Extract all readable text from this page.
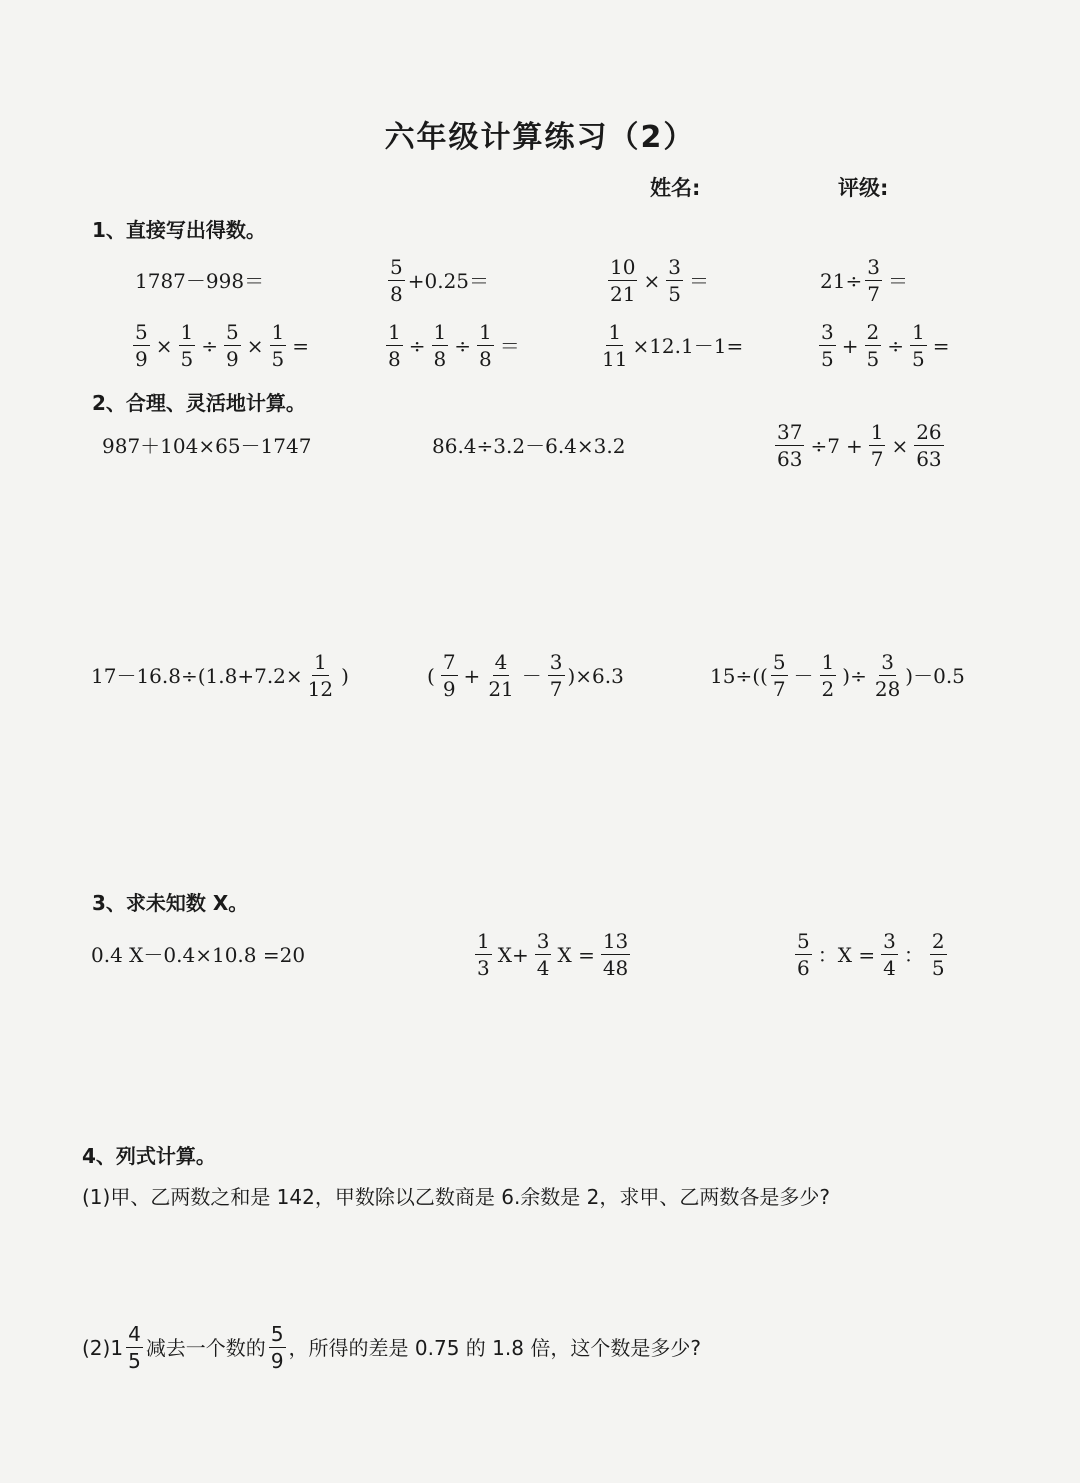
六年级计算练习（2）
姓名:	评级:
1、直接写出得数。
1787－998＝	$\frac{5}{8} +0.25=$	$\frac{10}{21} \times \frac{3}{5}$ ＝	$21\div \frac{3}{7}$ ＝
$\frac{5}{9} \times \frac{1}{5} \div \frac{5}{9} \times \frac{1}{5}$ =	$\frac{1}{8} \div \frac{1}{8} \div \frac{1}{8}$ ＝	$\frac{1}{11} \times 12.1-1=$	$\frac{3}{5} + \frac{2}{5} \div \frac{1}{5}$ =
2、合理、灵活地计算。
987＋104×65－1747	86.4÷3.2－6.4×3.2	$\frac{37}{63} \div 7 + \frac{1}{7} \times \frac{26}{63}$
$17-16.8\div(1.8+7.2\times \frac{1}{12}$ )	( $\frac{7}{9} + \frac{4}{21} - \frac{3}{7} )\times 6.3$	$15\div(( \frac{5}{7} - \frac{1}{2}$ )÷ $\frac{3}{28} )-0.5$
3、求未知数 X。
0.4 X－0.4×10.8 =20	$\frac{1}{3} X+ \frac{3}{4}$ $X = \frac{13}{48}$	$\frac{5}{6}$ ：$X = \frac{3}{4}$ ： $\frac{2}{5}$
4、列式计算。
(1)甲、乙两数之和是 142，甲数除以乙数商是 6.余数是 2，求甲、乙两数各是多少?
(2) $1 \frac{4}{5}$ 减去一个数的 $\frac{5}{9}$ ，所得的差是 0.75 的 1.8 倍，这个数是多少?
